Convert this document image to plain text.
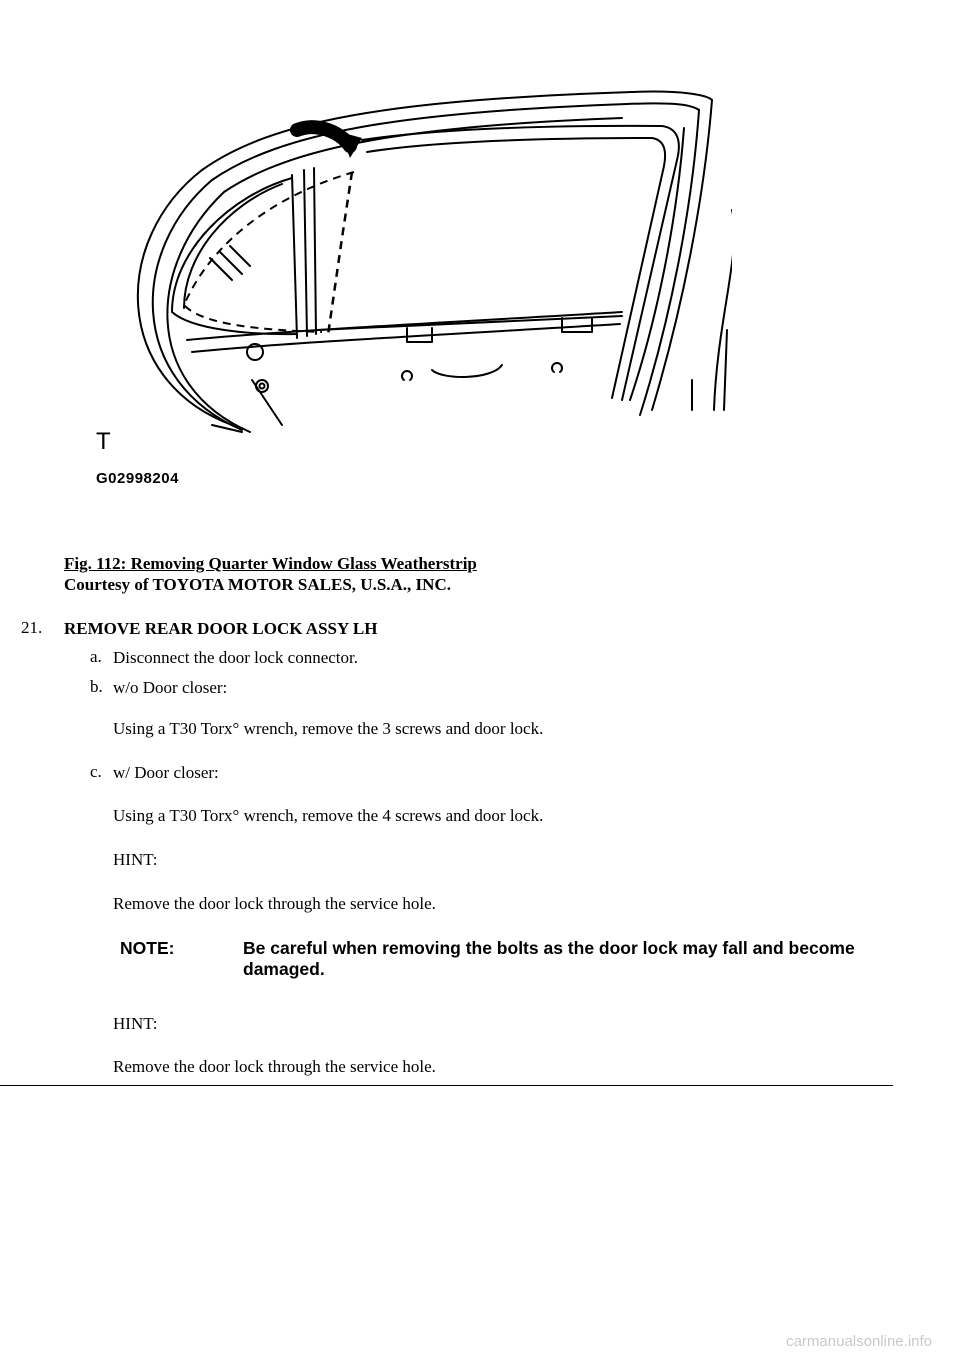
T
G02998204
Fig. 112: Removing Quarter Window Glass Weatherstrip
Courtesy of TOYOTA MOTOR SALES, U.S.A., INC.
21. REMOVE REAR DOOR LOCK ASSY LH
a. Disconnect the door lock connector.
b. w/o Door closer:
Using a T30 Torx° wrench, remove the 3 screws and door lock.
c. w/ Door closer:
Using a T30 Torx° wrench, remove the 4 screws and door lock.
HINT:
Remove the door lock through the service hole.
NOTE:	Be careful when removing the bolts as the door lock may fall and become damaged.
HINT:
Remove the door lock through the service hole.
carmanualsonline.info
